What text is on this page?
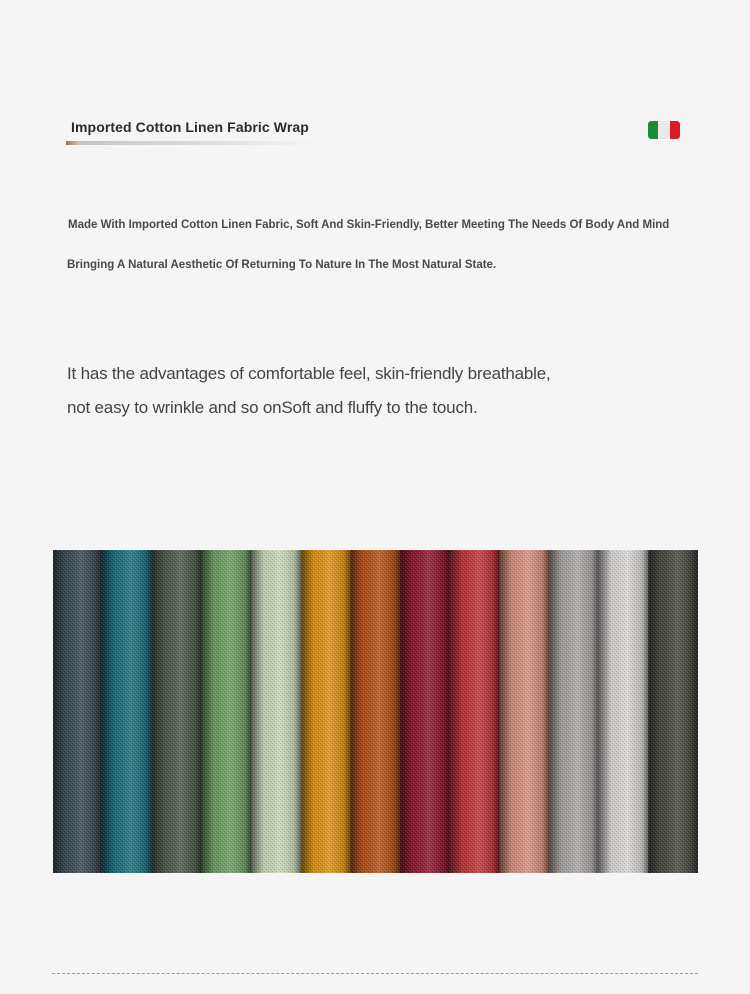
Imported Cotton Linen Fabric Wrap
Made With Imported Cotton Linen Fabric, Soft And Skin-Friendly, Better Meeting The Needs Of Body And Mind
Bringing A Natural Aesthetic Of Returning To Nature In The Most Natural State.
It has the advantages of comfortable feel, skin-friendly breathable,
not easy to wrinkle and so onSoft and fluffy to the touch.
